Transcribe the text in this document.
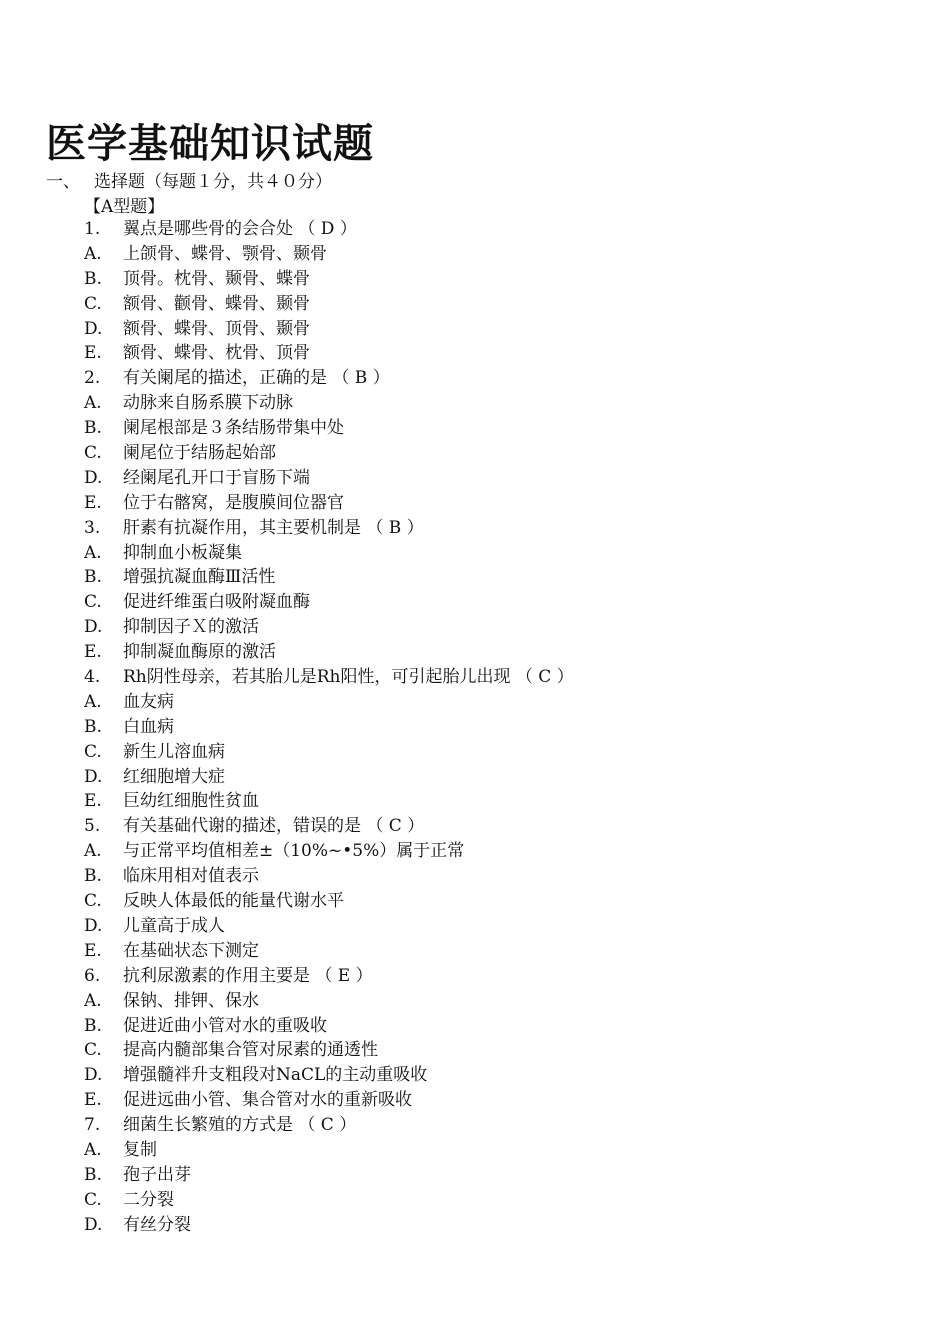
医学基础知识试题
一、 选择题（每题１分，共４０分）
【A型题】
1. 翼点是哪些骨的会合处 （ D ）
A. 上颌骨、蝶骨、颚骨、颞骨
B. 顶骨。枕骨、颞骨、蝶骨
C. 额骨、颧骨、蝶骨、颞骨
D. 额骨、蝶骨、顶骨、颞骨
E. 额骨、蝶骨、枕骨、顶骨
2. 有关阑尾的描述，正确的是 （ B ）
A. 动脉来自肠系膜下动脉
B. 阑尾根部是３条结肠带集中处
C. 阑尾位于结肠起始部
D. 经阑尾孔开口于盲肠下端
E. 位于右髂窝，是腹膜间位器官
3. 肝素有抗凝作用，其主要机制是 （ B ）
A. 抑制血小板凝集
B. 增强抗凝血酶Ⅲ活性
C. 促进纤维蛋白吸附凝血酶
D. 抑制因子Ｘ的激活
E. 抑制凝血酶原的激活
4. Rh阴性母亲，若其胎儿是Rh阳性，可引起胎儿出现 （ C ）
A. 血友病
B. 白血病
C. 新生儿溶血病
D. 红细胞增大症
E. 巨幼红细胞性贫血
5. 有关基础代谢的描述，错误的是 （ C ）
A. 与正常平均值相差±（10%~•5%）属于正常
B. 临床用相对值表示
C. 反映人体最低的能量代谢水平
D. 儿童高于成人
E. 在基础状态下测定
6. 抗利尿激素的作用主要是 （ E ）
A. 保钠、排钾、保水
B. 促进近曲小管对水的重吸收
C. 提高内髓部集合管对尿素的通透性
D. 增强髓袢升支粗段对NaCL的主动重吸收
E. 促进远曲小管、集合管对水的重新吸收
7. 细菌生长繁殖的方式是 （ C ）
A. 复制
B. 孢子出芽
C. 二分裂
D. 有丝分裂
